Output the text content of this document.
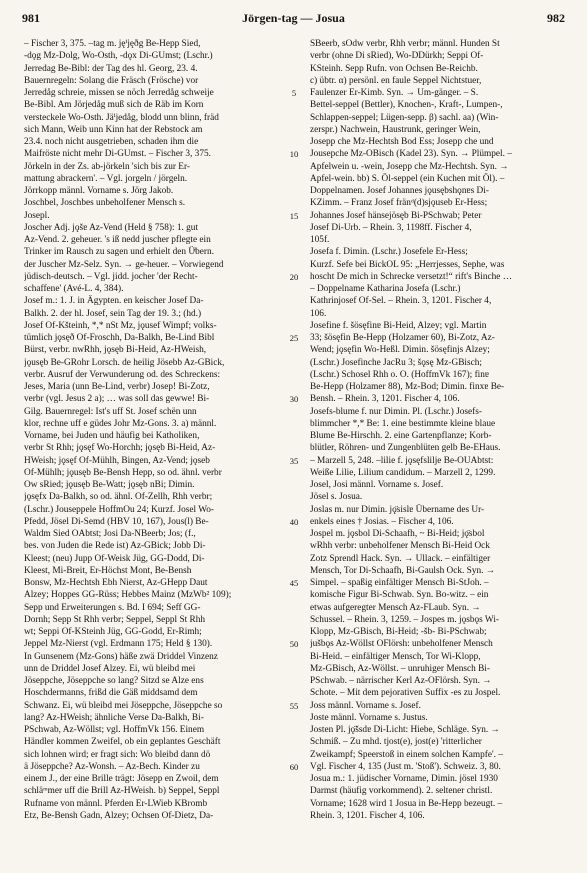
981	Jörgen-tag — Josua	982

– Fischer 3, 375. –tag m. jęⁱjęðg Be-Hepp Sied,

-dǫg Mz-Dolg, Wo-Osth, -dǫx Di-GUmst; (Lschr.)

Jerredag Be-Bibl: der Tag des hl. Georg, 23. 4.

Bauernregeln: Solang die Fräsch (Frösche) vor

Jerredåg schreie, missen se nöch Jerredåg schweije

Be-Bibl. Am Jörjedåg muß sich de Räb im Korn

versteckele Wo-Osth. Jäⁱjedåg, blodd unn blinn, fräd

sich Mann, Weib unn Kinn hat der Rebstock am

23.4. noch nicht ausgetrieben, schaden ihm die

Maifröste nicht mehr Di-GUmst. – Fischer 3, 375.

Jörkeln in der Zs. ab-jörkeln 'sich bis zur Er-

mattung abrackern'. – Vgl. jorgeln / jörgeln.

Jörrkopp männl. Vorname s. Jörg Jakob.

Joschbel, Joschbes unbeholfener Mensch s.

Josepl.

Joscher Adj. jǫšɐ Az-Vend (Held § 758): 1. gut

Az-Vend. 2. geheuer. 's iß nedd juscher pflegte ein

Trinker im Rausch zu sagen und erhielt den Üͤbern.

der Juscher Mz-Selz. Syn. → ge-heuer. – Vorwiegend

jüdisch-deutsch. – Vgl. jidd. jocher 'der Recht-

schaffene' (Avé-L. 4, 384).

Josef m.: 1. J. in Ägypten. en keischer Josef Da-

Balkh. 2. der hl. Josef, sein Tag der 19. 3.; (hd.)

Josef Of-Kšteinh, *,* nSt Mz, jǫusef Wimpf; volks-

tümlich jǫsęð Of-Froschh, Da-Balkh, Be-Lind Bibl

Bürst, verbr. nwRhh, jǫsęb Bi-Heid, Az-HWeish,

jǫusęb Be-GRohr Lorsch. de heilig Jösebb Az-GBick,

verbr. Ausruf der Verwunderung od. des Schreckens:

Jeses, Maria (unn Be-Lind, verbr) Josep! Bi-Zotz,

verbr (vgl. Jesus 2 a); … was soll das gewwe! Bi-

Gilg. Bauernregel: Ist's uff St. Josef schën unn

klor, rechne uff e güdes Johr Mz-Gons. 3. a) männl.

Vorname, bei Juden und häufig bei Katholiken,

verbr St Rhh; jǫsęf Wo-Horchh; jǫsęb Bi-Heid, Az-

HWeish; jǫsęf Of-Mühlh, Bingen, Az-Vend; jǫseb

Of-Mühlh; jǫusęb Be-Bensh Hepp, so od. ähnl. verbr

Ow sRied; jǫusęb Be-Watt; jǫsęb nBi; Dimin.

jǫsęfx Da-Balkh, so od. ähnl. Of-Zellh, Rhh verbr;

(Lschr.) Jouseppele HoffmOu 24; Kurzf. Josel Wo-

Pfedd, Jösel Di-Semd (HBV 10, 167), Jous(l) Be-

Waldm Sied OAbtst; Josi Da-NBeerb; Jos; (f.,

bes. von Juden die Rede ist) Az-GBick; Jobb Di-

Kleest; (neu) Jupp Of-Weisk Jüg, GG-Dodd, Di-

Kleest, Mi-Breit, Er-Höchst Mont, Be-Bensh

Bonsw, Mz-Hechtsh Ebh Nierst, Az-GHepp Daut

Alzey; Hoppes GG-Rüss; Hebbes Mainz (MzWb² 109);

Sepp und Erweiterungen s. Bd. I 694; Seff GG-

Dornh; Sepp St Rhh verbr; Seppel, Seppl St Rhh

wt; Seppi Of-KSteinh Jüg, GG-Godd, Er-Rimh;

Jeppel Mz-Nierst (vgl. Erdmann 175; Held § 130).

In Gunsenem (Mz-Gons) häße zwä Driddel Vinzenz

unn de Driddel Josef Alzey. Ei, wü bleibd mei

Jöseppche, Jöseppche so lang? Sitzd se Alze ens

Hoschdermanns, frißd die Gäß middsamd dem

Schwanz. Ei, wü bleibd mei Jöseppche, Jöseppche so

lang? Az-HWeish; ähnliche Verse Da-Balkh, Bi-

PSchwab, Az-Wöllst; vgl. HoffmVk 156. Einem

Händler kommen Zweifel, ob ein geplantes Geschäft

sich lohnen wird; er fragt sich: Wo bleibd dann dö

ä Jöseppche? Az-Wonsh. – Az-Bech. Kinder zu

einem J., der eine Brille trägt: Jösepp en Zwoil, dem

schläᵐmer uff die Brill Az-HWeish. b) Seppel, Seppl

Rufname von männl. Pferden Er-LWieb KBromb

Etz, Be-Bensh Gadn, Alzey; Ochsen Of-Dietz, Da-

5
10
15
20
25
30
35
40
45
50
55
60

SBeerb, sOdw verbr, Rhh verbr; männl. Hunden St

verbr (ohne Di sRied), Wo-DDürkh; Seppi Of-

KSteinh. Sepp Rufn. von Ochsen Be-Reichb.

c) übtr. α) persönl. en faule Seppel Nichtstuer,

Faulenzer Er-Kimb. Syn. → Um-gänger. – S.

Bettel-seppel (Bettler), Knochen-, Kraft-, Lumpen-,

Schlappen-seppel; Lügen-sepp. β) sachl. aa) (Win-

zerspr.) Nachwein, Haustrunk, geringer Wein,

Josepp che Mz-Hechtsh Bod Ess; Josepp che und

Jousepche Mz-OBisch (Kadel 23). Syn. → Plümpel. –

Apfelwein u. -wein, Josepp che Mz-Hechtsh. Syn. →

Apfel-wein. bb) S. Öl-seppel (ein Kuchen mit Öl). –

Doppelnamen. Josef Johannes jǫusębshǫnɐs Di-

KZimm. – Franz Josef fränᵈ(d)sjǫuseb Er-Hess;

Johannes Josef hänsejösęb Bi-PSchwab; Peter

Josef Di-Urb. – Rhein. 3, 1198ff. Fischer 4,

105f.

Josefa f. Dimin. (Lschr.) Josefele Er-Hess;

Kurzf. Sefe bei BickOL 95: „Herrjesses, Sephe, was

hoscht De mich in Schrecke versetzt!“ rift's Binche …

– Doppelname Katharina Josefa (Lschr.)

Kathrinjosef Of-Sel. – Rhein. 3, 1201. Fischer 4,

106.

Josefine f. šösęfinɐ Bi-Heid, Alzey; vgl. Martin

33; šösęfin Be-Hepp (Holzamer 60), Bi-Zotz, Az-

Wend; jǫsęfin Wo-Heßl. Dimin. šösęfinjs Alzey;

(Lschr.) Josefinche JacRu 3; šǫsę Mz-GBisch;

(Lschr.) Schosel Rhh o. O. (HoffmVk 167); finɐ

Be-Hepp (Holzamer 88), Mz-Bod; Dimin. finxɐ Be-

Bensh. – Rhein. 3, 1201. Fischer 4, 106.

Josefs-blume f. nur Dimin. Pl. (Lschr.) Josefs-

blimmcher *,* Be: 1. eine bestimmte kleine blaue

Blume Be-Hirschh. 2. eine Gartenpflanze; Korb-

blütler, Röhren- und Zungenblüten gelb Be-EHaus.

– Marzell 5, 248. –lilie f. jǫsęfslilje Be-OUAbtst:

Weiße Lilie, Lilium candidum. – Marzell 2, 1299.

Josel, Josi männl. Vorname s. Josef.

Jösel s. Josua.

Joslas m. nur Dimin. jǫ̈sislɐ Übername des Ur-

enkels eines † Josias. – Fischer 4, 106.

Jospel m. jǫsbol Di-Schaafh, ~ Bi-Heid; jǫ̈sbol

wRhh verbr: unbeholfener Mensch Bi-Heid Ock

Zotz Sprendl Hack. Syn. → Ullack. – einfältiger

Mensch, Tor Di-Schaafh, Bi-Gaulsh Ock. Syn. →

Simpel. – spaßig einfältiger Mensch Bi-StJoh. –

komische Figur Bi-Schwab. Syn. Bo-witz. – ein

etwas aufgeregter Mensch Az-FLaub. Syn. →

Schussel. – Rhein. 3, 1259. – Jospes m. jǫsbǫs Wi-

Klopp, Mz-GBisch, Bi-Heid; -šb- Bi-PSchwab;

jušbǫs Az-Wöllst OFlörsh: unbeholfener Mensch

Bi-Heid. – einfältiger Mensch, Tor Wi-Klopp,

Mz-GBisch, Az-Wöllst. – unruhiger Mensch Bi-

PSchwab. – närrischer Kerl Az-OFlörsh. Syn. →

Schote. – Mit dem pejorativen Suffix -es zu Jospel.

Joss männl. Vorname s. Josef.

Joste männl. Vorname s. Justus.

Josten Pl. jǫ̈šsdɐ Di-Licht: Hiebe, Schläge. Syn. →

Schmiß. – Zu mhd. tjost(e), jost(e) 'ritterlicher

Zweikampf; Speerstoß in einem solchen Kampfe'. –

Vgl. Fischer 4, 135 (Just m. 'Stoß'). Schweiz. 3, 80.

Josua m.: 1. jüdischer Vorname, Dimin. jösɐl 1930

Darmst (häufig vorkommend). 2. seltener christl.

Vorname; 1628 wird 1 Josua in Be-Hepp bezeugt. –

Rhein. 3, 1201. Fischer 4, 106.
